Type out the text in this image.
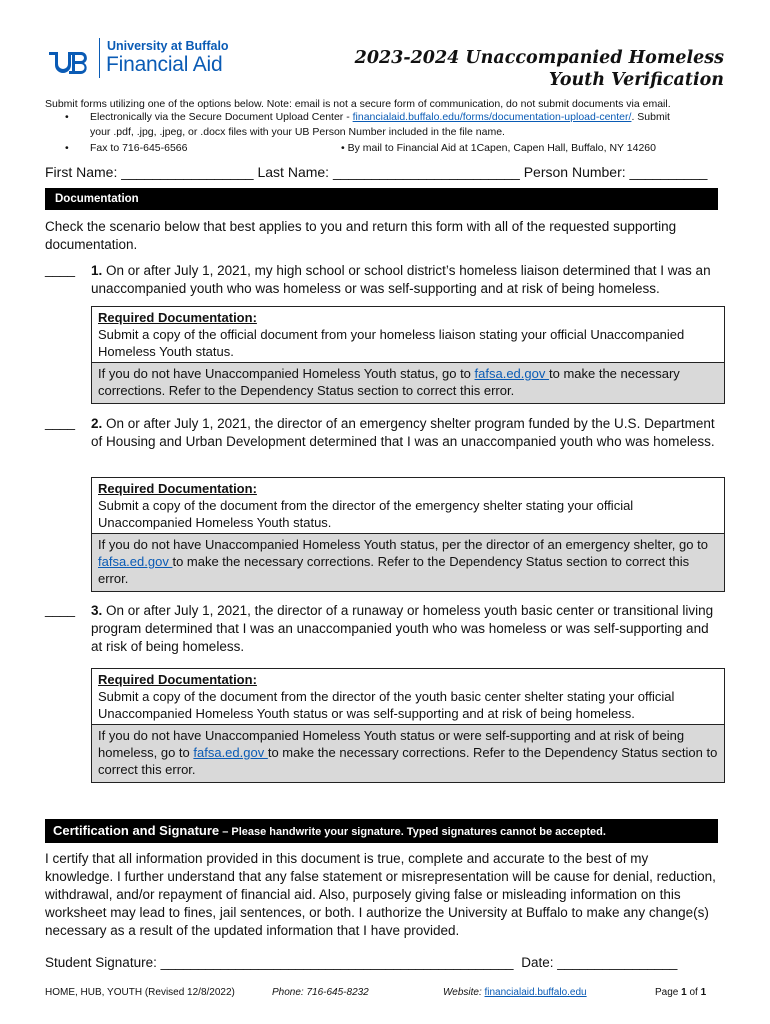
University at Buffalo
Financial Aid	2023-2024 Unaccompanied Homeless
Youth Verification
Submit forms utilizing one of the options below. Note: email is not a secure form of communication, do not submit documents via email.
• Electronically via the Secure Document Upload Center - financialaid.buffalo.edu/forms/documentation-upload-center/. Submit
your .pdf, .jpg, .jpeg, or .docx files with your UB Person Number included in the file name.
• Fax to 716-645-6566	• By mail to Financial Aid at 1Capen, Capen Hall, Buffalo, NY 14260
First Name: _________________ Last Name: ________________________ Person Number: __________
Documentation
Check the scenario below that best applies to you and return this form with all of the requested supporting documentation.
____ 1. On or after July 1, 2021, my high school or school district’s homeless liaison determined that I was an unaccompanied youth who was homeless or was self-supporting and at risk of being homeless.
Required Documentation:
Submit a copy of the official document from your homeless liaison stating your official Unaccompanied Homeless Youth status.
If you do not have Unaccompanied Homeless Youth status, go to fafsa.ed.gov to make the necessary corrections. Refer to the Dependency Status section to correct this error.
____ 2. On or after July 1, 2021, the director of an emergency shelter program funded by the U.S. Department of Housing and Urban Development determined that I was an unaccompanied youth who was homeless.
Required Documentation:
Submit a copy of the document from the director of the emergency shelter stating your official Unaccompanied Homeless Youth status.
If you do not have Unaccompanied Homeless Youth status, per the director of an emergency shelter, go to fafsa.ed.gov to make the necessary corrections. Refer to the Dependency Status section to correct this error.
____ 3. On or after July 1, 2021, the director of a runaway or homeless youth basic center or transitional living program determined that I was an unaccompanied youth who was homeless or was self-supporting and at risk of being homeless.
Required Documentation:
Submit a copy of the document from the director of the youth basic center shelter stating your official Unaccompanied Homeless Youth status or was self-supporting and at risk of being homeless.
If you do not have Unaccompanied Homeless Youth status or were self-supporting and at risk of being homeless, go to fafsa.ed.gov to make the necessary corrections. Refer to the Dependency Status section to correct this error.
Certification and Signature – Please handwrite your signature. Typed signatures cannot be accepted.
I certify that all information provided in this document is true, complete and accurate to the best of my knowledge. I further understand that any false statement or misrepresentation will be cause for denial, reduction, withdrawal, and/or repayment of financial aid. Also, purposely giving false or misleading information on this worksheet may lead to fines, jail sentences, or both. I authorize the University at Buffalo to make any change(s) necessary as a result of the updated information that I have provided.
Student Signature: _______________________________________________ Date: ________________
HOME, HUB, YOUTH (Revised 12/8/2022)	Phone: 716-645-8232	Website: financialaid.buffalo.edu	Page 1 of 1
